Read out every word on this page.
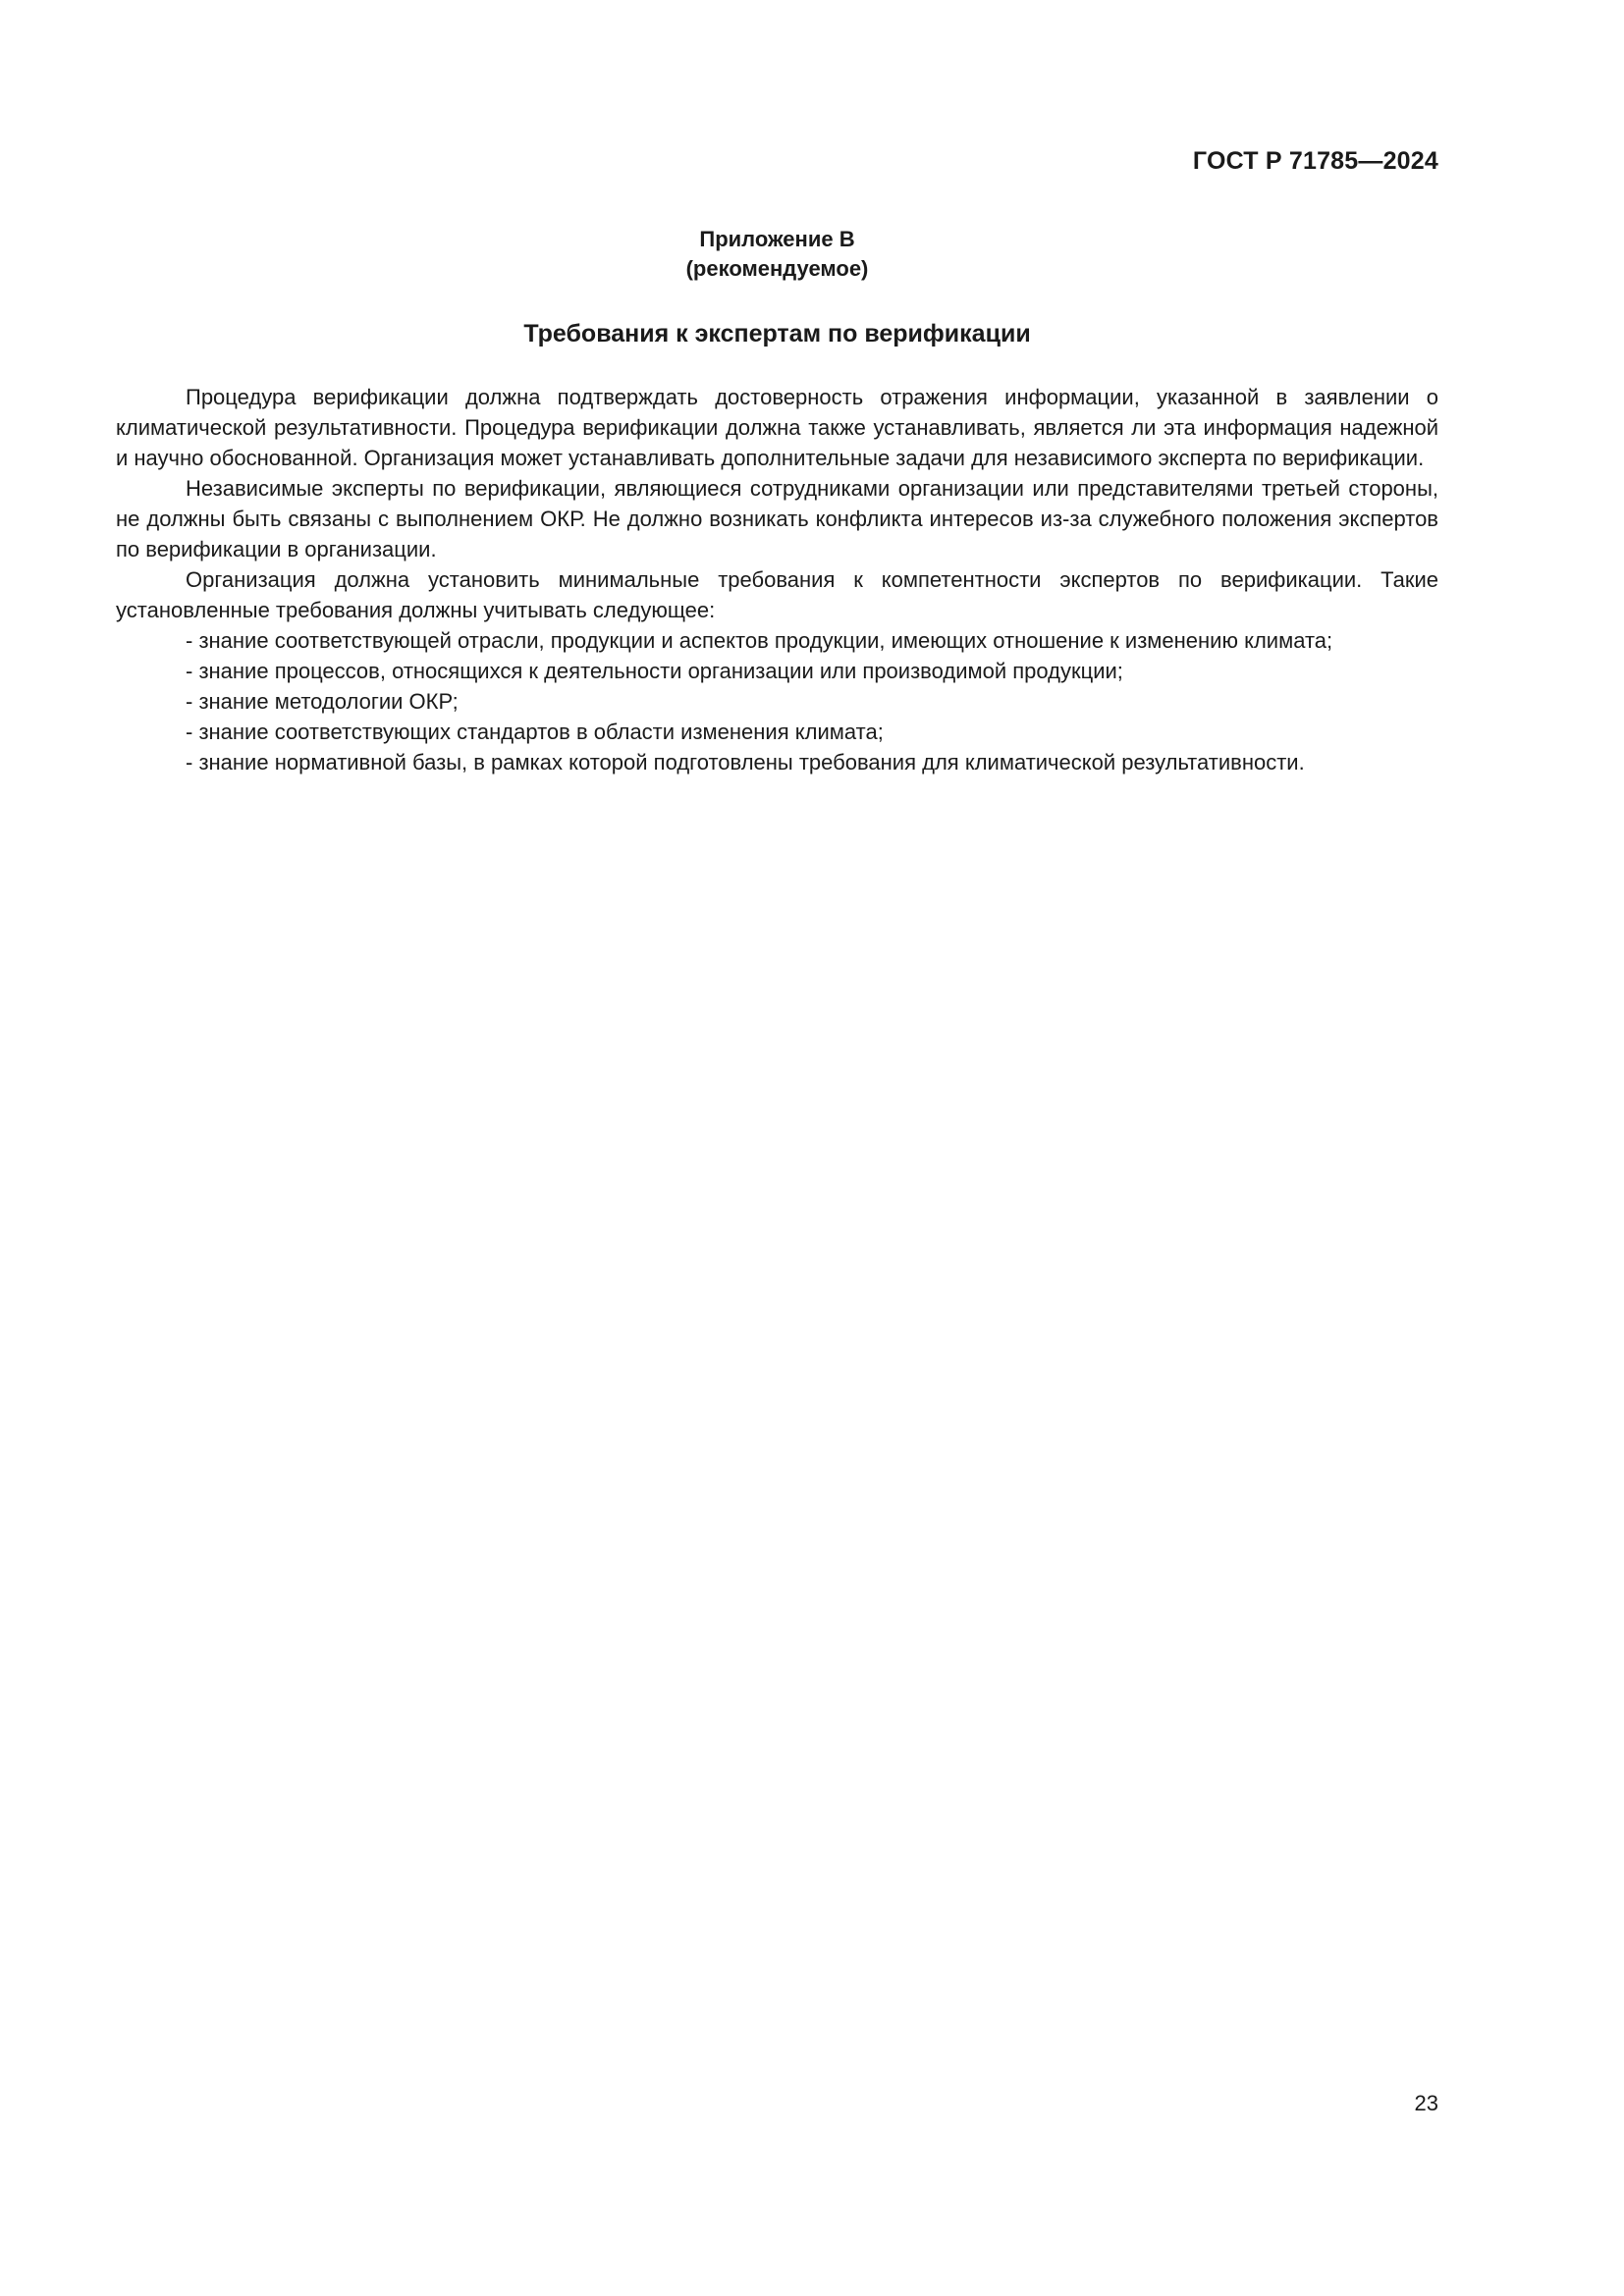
ГОСТ Р 71785—2024

Приложение В
(рекомендуемое)
Требования к экспертам по верификации

Процедура верификации должна подтверждать достоверность отражения информации, указанной в заявлении о климатической результативности. Процедура верификации должна также устанавливать, является ли эта информация надежной и научно обоснованной. Организация может устанавливать дополнительные задачи для независимого эксперта по верификации.

Независимые эксперты по верификации, являющиеся сотрудниками организации или представителями третьей стороны, не должны быть связаны с выполнением ОКР. Не должно возникать конфликта интересов из-за служебного положения экспертов по верификации в организации.

Организация должна установить минимальные требования к компетентности экспертов по верификации. Такие установленные требования должны учитывать следующее:

- знание соответствующей отрасли, продукции и аспектов продукции, имеющих отношение к изменению климата;

- знание процессов, относящихся к деятельности организации или производимой продукции;

- знание методологии ОКР;

- знание соответствующих стандартов в области изменения климата;

- знание нормативной базы, в рамках которой подготовлены требования для климатической результативности.

23
